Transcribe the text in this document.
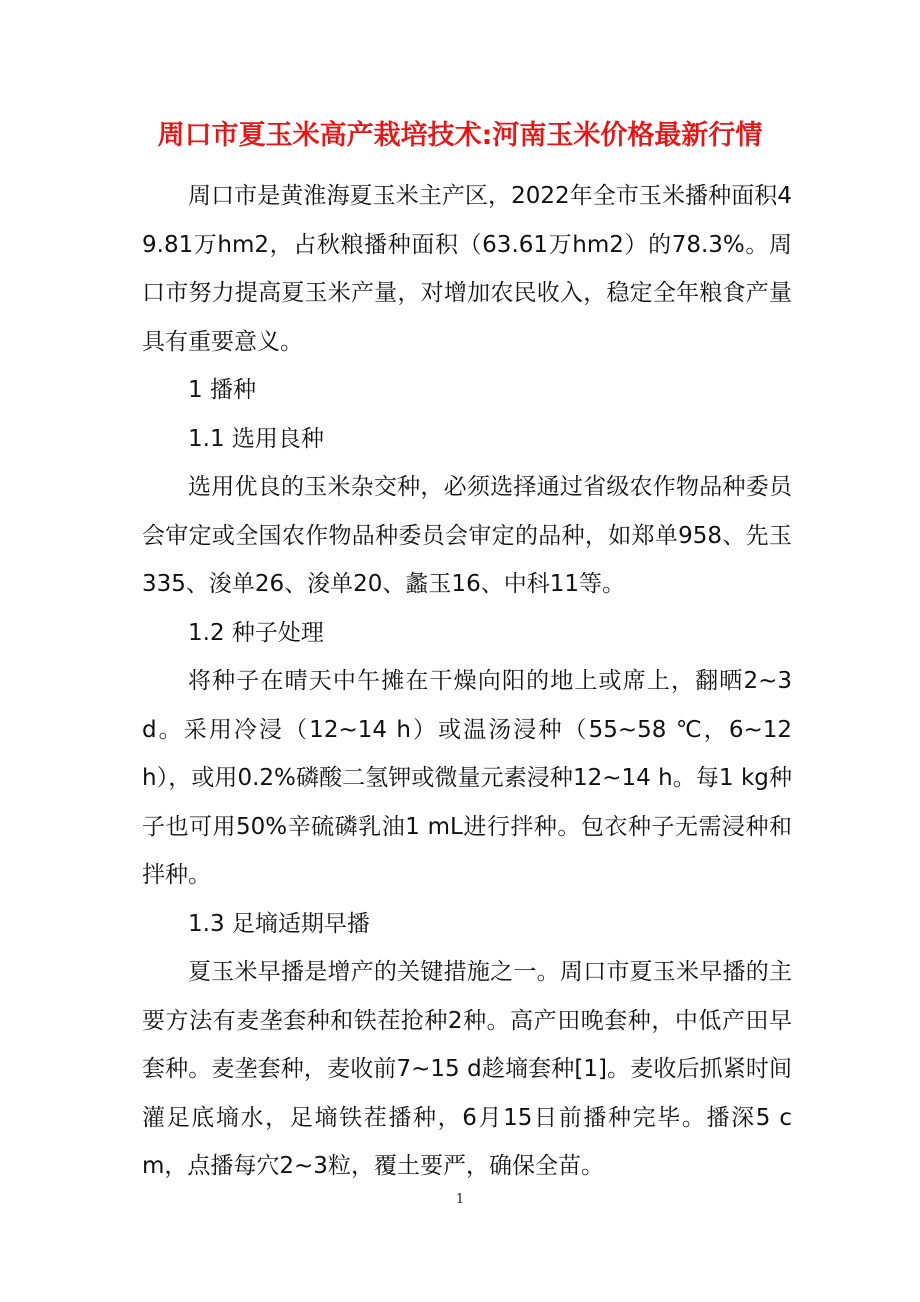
周口市夏玉米高产栽培技术:河南玉米价格最新行情

周口市是黄淮海夏玉米主产区，2022年全市玉米播种面积49.81万hm2，占秋粮播种面积（63.61万hm2）的78.3%。周口市努力提高夏玉米产量，对增加农民收入，稳定全年粮食产量具有重要意义。

1 播种

1.1 选用良种

选用优良的玉米杂交种，必须选择通过省级农作物品种委员会审定或全国农作物品种委员会审定的品种，如郑单958、先玉335、浚单26、浚单20、蠡玉16、中科11等。

1.2 种子处理

将种子在晴天中午摊在干燥向阳的地上或席上，翻晒2~3 d。采用冷浸（12~14 h）或温汤浸种（55~58 ℃，6~12 h），或用0.2%磷酸二氢钾或微量元素浸种12~14 h。每1 kg种子也可用50%辛硫磷乳油1 mL进行拌种。包衣种子无需浸种和拌种。

1.3 足墒适期早播

夏玉米早播是增产的关键措施之一。周口市夏玉米早播的主要方法有麦垄套种和铁茬抢种2种。高产田晚套种，中低产田早套种。麦垄套种，麦收前7~15 d趁墒套种[1]。麦收后抓紧时间灌足底墒水，足墒铁茬播种，6月15日前播种完毕。播深5 cm，点播每穴2~3粒，覆土要严，确保全苗。

1
